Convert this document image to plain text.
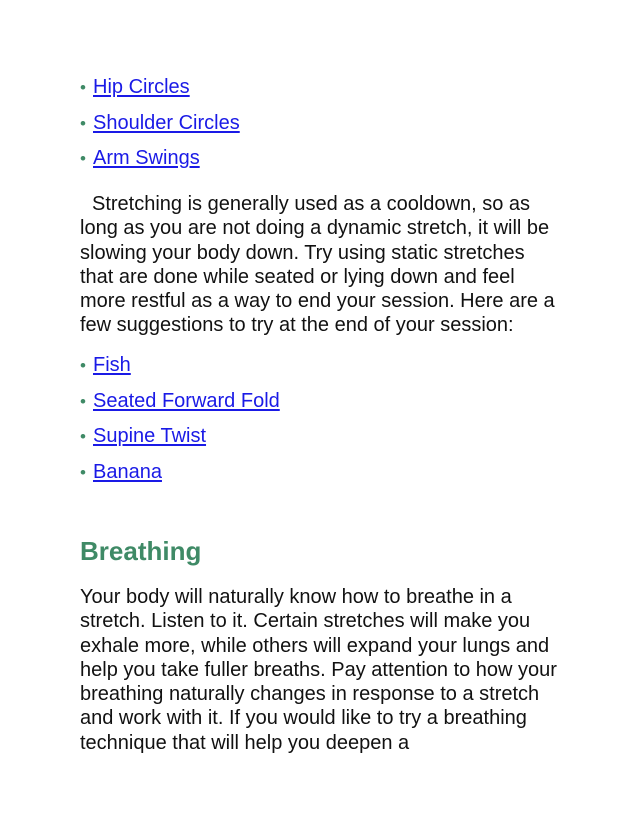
• Hip Circles
• Shoulder Circles
• Arm Swings

Stretching is generally used as a cooldown, so as long as you are not doing a dynamic stretch, it will be slowing your body down. Try using static stretches that are done while seated or lying down and feel more restful as a way to end your session. Here are a few suggestions to try at the end of your session:

• Fish
• Seated Forward Fold
• Supine Twist
• Banana
Breathing

Your body will naturally know how to breathe in a stretch. Listen to it. Certain stretches will make you exhale more, while others will expand your lungs and help you take fuller breaths. Pay attention to how your breathing naturally changes in response to a stretch and work with it. If you would like to try a breathing technique that will help you deepen a
